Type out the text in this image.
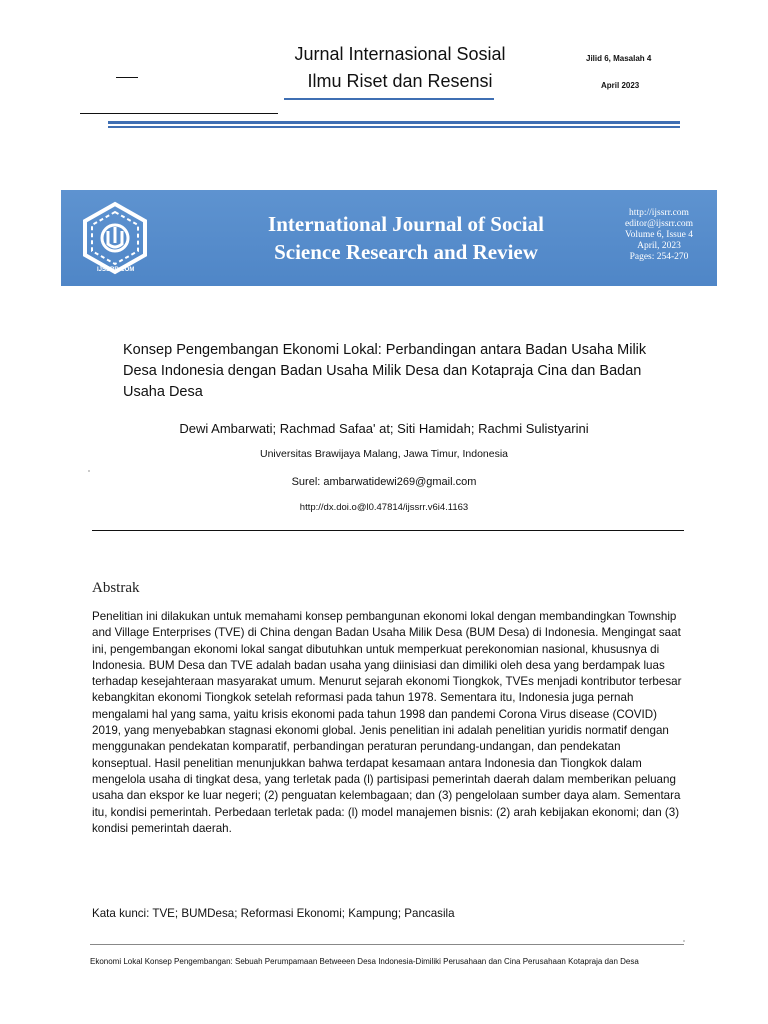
Jurnal Internasional Sosial
Ilmu Riset dan Resensi
Jilid 6, Masalah 4
April 2023
IJSSRR.COM
International Journal of Social
Science Research and Review
http://ijssrr.com
editor@ijssrr.com
Volume 6, Issue 4
April, 2023
Pages: 254-270
Konsep Pengembangan Ekonomi Lokal: Perbandingan antara Badan Usaha Milik Desa Indonesia dengan Badan Usaha Milik Desa dan Kotapraja Cina dan Badan Usaha Desa
Dewi Ambarwati; Rachmad Safaa' at; Siti Hamidah; Rachmi Sulistyarini
Universitas Brawijaya Malang, Jawa Timur, Indonesia
Surel: ambarwatidewi269@gmail.com
http://dx.doi.o@l0.47814/ijssrr.v6i4.1163
Abstrak
Penelitian ini dilakukan untuk memahami konsep pembangunan ekonomi lokal dengan membandingkan Township and Village Enterprises (TVE) di China dengan Badan Usaha Milik Desa (BUM Desa) di Indonesia. Mengingat saat ini, pengembangan ekonomi lokal sangat dibutuhkan untuk memperkuat perekonomian nasional, khususnya di Indonesia. BUM Desa dan TVE adalah badan usaha yang diinisiasi dan dimiliki oleh desa yang berdampak luas terhadap kesejahteraan masyarakat umum. Menurut sejarah ekonomi Tiongkok, TVEs menjadi kontributor terbesar kebangkitan ekonomi Tiongkok setelah reformasi pada tahun 1978. Sementara itu, Indonesia juga pernah mengalami hal yang sama, yaitu krisis ekonomi pada tahun 1998 dan pandemi Corona Virus disease (COVID) 2019, yang menyebabkan stagnasi ekonomi global. Jenis penelitian ini adalah penelitian yuridis normatif dengan menggunakan pendekatan komparatif, perbandingan peraturan perundang-undangan, dan pendekatan konseptual. Hasil penelitian menunjukkan bahwa terdapat kesamaan antara Indonesia dan Tiongkok dalam mengelola usaha di tingkat desa, yang terletak pada (l) partisipasi pemerintah daerah dalam memberikan peluang usaha dan ekspor ke luar negeri; (2) penguatan kelembagaan; dan (3) pengelolaan sumber daya alam. Sementara itu, kondisi pemerintah. Perbedaan terletak pada: (l) model manajemen bisnis: (2) arah kebijakan ekonomi; dan (3) kondisi pemerintah daerah.
Kata kunci: TVE; BUMDesa; Reformasi Ekonomi; Kampung; Pancasila
Ekonomi Lokal Konsep Pengembangan: Sebuah Perumpamaan Betweeen Desa Indonesia-Dimiliki Perusahaan dan Cina Perusahaan Kotapraja dan Desa
